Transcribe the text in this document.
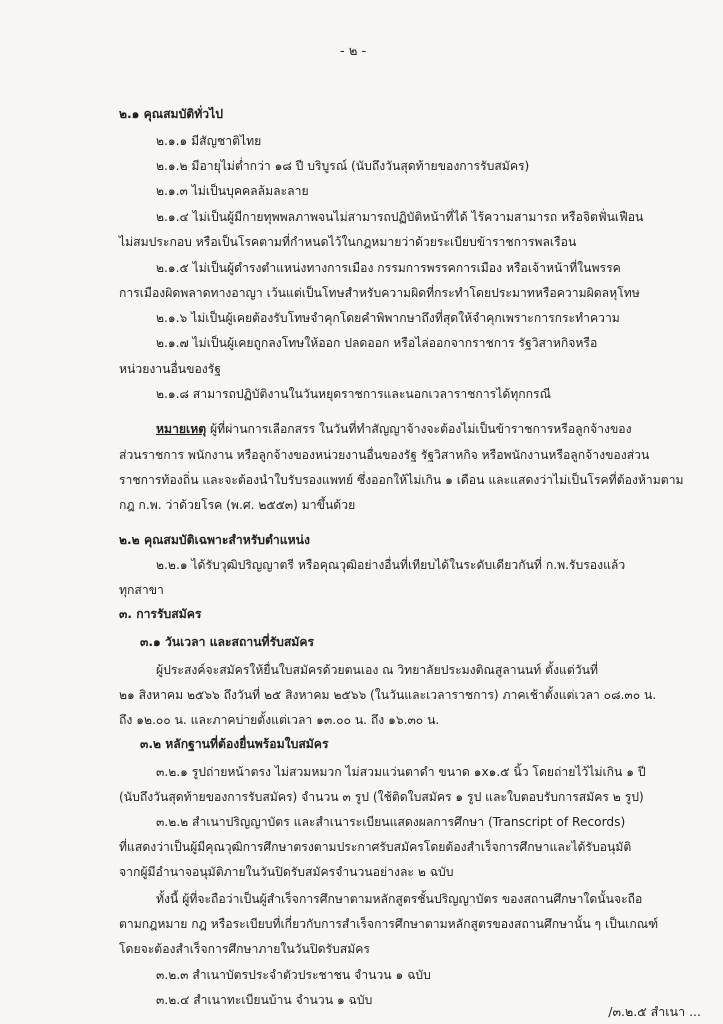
- ๒ -
๒.๑ คุณสมบัติทั่วไป
๒.๑.๑ มีสัญชาติไทย
๒.๑.๒ มีอายุไม่ต่ำกว่า ๑๘ ปี บริบูรณ์ (นับถึงวันสุดท้ายของการรับสมัคร)
๒.๑.๓ ไม่เป็นบุคคลล้มละลาย
๒.๑.๔ ไม่เป็นผู้มีกายทุพพลภาพจนไม่สามารถปฏิบัติหน้าที่ได้ ไร้ความสามารถ หรือจิตฟั่นเฟือน
ไม่สมประกอบ หรือเป็นโรคตามที่กำหนดไว้ในกฎหมายว่าด้วยระเบียบข้าราชการพลเรือน
๒.๑.๕ ไม่เป็นผู้ดำรงตำแหน่งทางการเมือง กรรมการพรรคการเมือง หรือเจ้าหน้าที่ในพรรค
การเมืองผิดพลาดทางอาญา เว้นแต่เป็นโทษสำหรับความผิดที่กระทำโดยประมาทหรือความผิดลหุโทษ
๒.๑.๖ ไม่เป็นผู้เคยต้องรับโทษจำคุกโดยคำพิพากษาถึงที่สุดให้จำคุกเพราะการกระทำความ
๒.๑.๗ ไม่เป็นผู้เคยถูกลงโทษให้ออก ปลดออก หรือไล่ออกจากราชการ รัฐวิสาหกิจหรือ
หน่วยงานอื่นของรัฐ
๒.๑.๘ สามารถปฏิบัติงานในวันหยุดราชการและนอกเวลาราชการได้ทุกกรณี
หมายเหตุ ผู้ที่ผ่านการเลือกสรร ในวันที่ทำสัญญาจ้างจะต้องไม่เป็นข้าราชการหรือลูกจ้างของ
ส่วนราชการ พนักงาน หรือลูกจ้างของหน่วยงานอื่นของรัฐ รัฐวิสาหกิจ หรือพนักงานหรือลูกจ้างของส่วน
ราชการท้องถิ่น และจะต้องนำใบรับรองแพทย์ ซึ่งออกให้ไม่เกิน ๑ เดือน และแสดงว่าไม่เป็นโรคที่ต้องห้ามตาม
กฎ ก.พ. ว่าด้วยโรค (พ.ศ. ๒๕๕๓) มาขึ้นด้วย
๒.๒ คุณสมบัติเฉพาะสำหรับตำแหน่ง
๒.๒.๑ ได้รับวุฒิปริญญาตรี หรือคุณวุฒิอย่างอื่นที่เทียบได้ในระดับเดียวกันที่ ก.พ.รับรองแล้ว
ทุกสาขา
๓. การรับสมัคร
๓.๑ วันเวลา และสถานที่รับสมัคร
ผู้ประสงค์จะสมัครให้ยื่นใบสมัครด้วยตนเอง ณ วิทยาลัยประมงติณสูลานนท์ ตั้งแต่วันที่
๒๑ สิงหาคม ๒๕๖๖ ถึงวันที่ ๒๕ สิงหาคม ๒๕๖๖ (ในวันและเวลาราชการ) ภาคเช้าตั้งแต่เวลา ๐๘.๓๐ น.
ถึง ๑๒.๐๐ น. และภาคบ่ายตั้งแต่เวลา ๑๓.๐๐ น. ถึง ๑๖.๓๐ น.
๓.๒ หลักฐานที่ต้องยื่นพร้อมใบสมัคร
๓.๒.๑ รูปถ่ายหน้าตรง ไม่สวมหมวก ไม่สวมแว่นตาดำ ขนาด ๑x๑.๕ นิ้ว โดยถ่ายไว้ไม่เกิน ๑ ปี
(นับถึงวันสุดท้ายของการรับสมัคร) จำนวน ๓ รูป (ใช้ติดใบสมัคร ๑ รูป และใบตอบรับการสมัคร ๒ รูป)
๓.๒.๒ สำเนาปริญญาบัตร และสำเนาระเบียนแสดงผลการศึกษา (Transcript of Records)
ที่แสดงว่าเป็นผู้มีคุณวุฒิการศึกษาตรงตามประกาศรับสมัครโดยต้องสำเร็จการศึกษาและได้รับอนุมัติ
จากผู้มีอำนาจอนุมัติภายในวันปิดรับสมัครจำนวนอย่างละ ๒ ฉบับ
ทั้งนี้ ผู้ที่จะถือว่าเป็นผู้สำเร็จการศึกษาตามหลักสูตรชั้นปริญญาบัตร ของสถานศึกษาใดนั้นจะถือ
ตามกฎหมาย กฎ หรือระเบียบที่เกี่ยวกับการสำเร็จการศึกษาตามหลักสูตรของสถานศึกษานั้น ๆ เป็นเกณฑ์
โดยจะต้องสำเร็จการศึกษาภายในวันปิดรับสมัคร
๓.๒.๓ สำเนาบัตรประจำตัวประชาชน จำนวน ๑ ฉบับ
๓.๒.๔ สำเนาทะเบียนบ้าน จำนวน ๑ ฉบับ
/๓.๒.๕ สำเนา ...
